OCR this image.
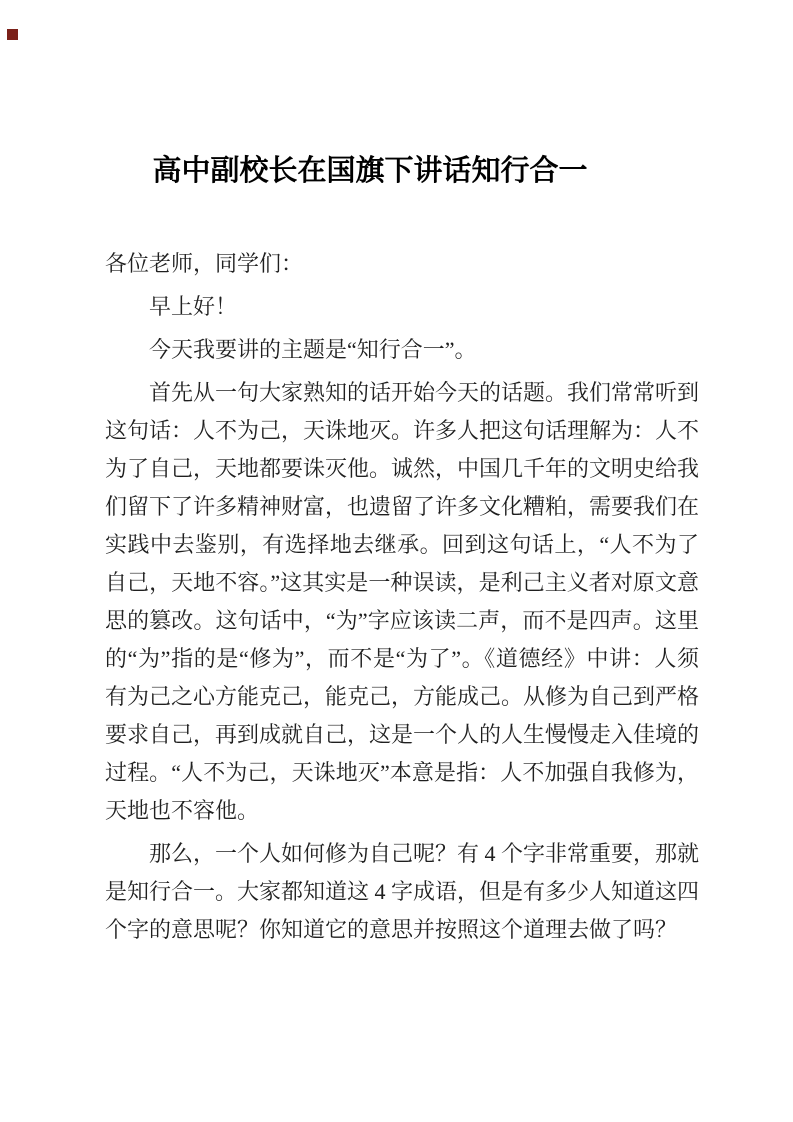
高中副校长在国旗下讲话知行合一

各位老师，同学们：

早上好！

今天我要讲的主题是“知行合一”。

首先从一句大家熟知的话开始今天的话题。我们常常听到这句话：人不为己，天诛地灭。许多人把这句话理解为：人不为了自己，天地都要诛灭他。诚然，中国几千年的文明史给我们留下了许多精神财富，也遗留了许多文化糟粕，需要我们在实践中去鉴别，有选择地去继承。回到这句话上，“人不为了自己，天地不容。”这其实是一种误读，是利己主义者对原文意思的篡改。这句话中，“为”字应该读二声，而不是四声。这里的“为”指的是“修为”，而不是“为了”。《道德经》中讲：人须有为己之心方能克己，能克己，方能成己。从修为自己到严格要求自己，再到成就自己，这是一个人的人生慢慢走入佳境的过程。“人不为己，天诛地灭”本意是指：人不加强自我修为，天地也不容他。

那么，一个人如何修为自己呢？有 4 个字非常重要，那就是知行合一。大家都知道这 4 字成语，但是有多少人知道这四个字的意思呢？你知道它的意思并按照这个道理去做了吗？
